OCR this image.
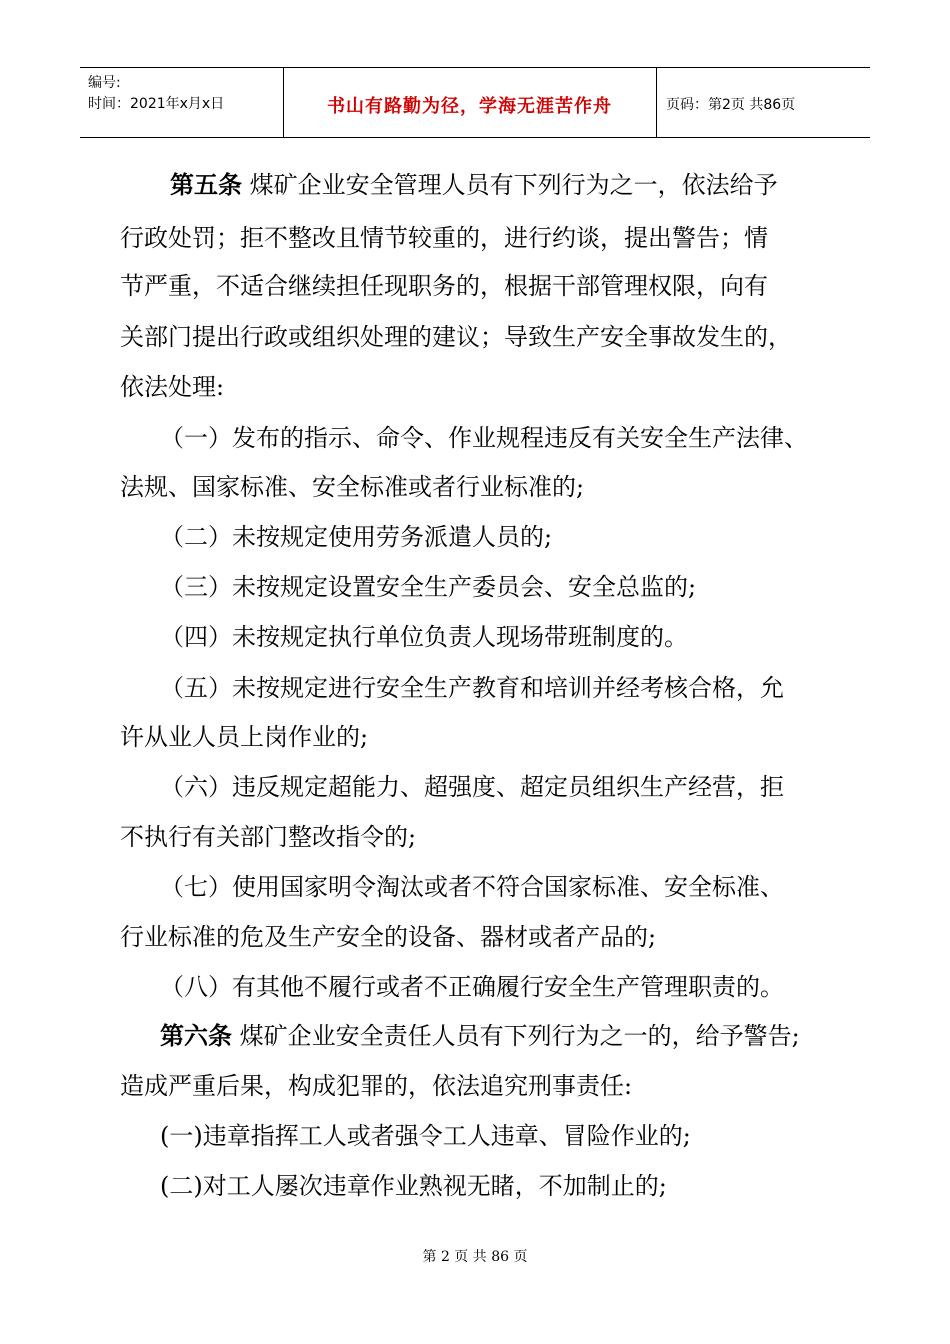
编号:
时间：2021年x月x日	书山有路勤为径，学海无涯苦作舟	页码：第2页 共86页
第五条 煤矿企业安全管理人员有下列行为之一，依法给予
行政处罚；拒不整改且情节较重的，进行约谈，提出警告；情
节严重，不适合继续担任现职务的，根据干部管理权限，向有
关部门提出行政或组织处理的建议；导致生产安全事故发生的，
依法处理:
（一）发布的指示、命令、作业规程违反有关安全生产法律、
法规、国家标准、安全标准或者行业标准的;
（二）未按规定使用劳务派遣人员的;
（三）未按规定设置安全生产委员会、安全总监的;
（四）未按规定执行单位负责人现场带班制度的。
（五）未按规定进行安全生产教育和培训并经考核合格，允
许从业人员上岗作业的;
（六）违反规定超能力、超强度、超定员组织生产经营，拒
不执行有关部门整改指令的;
（七）使用国家明令淘汰或者不符合国家标准、安全标准、
行业标准的危及生产安全的设备、器材或者产品的;
（八）有其他不履行或者不正确履行安全生产管理职责的。
第六条 煤矿企业安全责任人员有下列行为之一的，给予警告;
造成严重后果，构成犯罪的，依法追究刑事责任:
(一)违章指挥工人或者强令工人违章、冒险作业的;
(二)对工人屡次违章作业熟视无睹，不加制止的;
第 2 页 共 86 页
